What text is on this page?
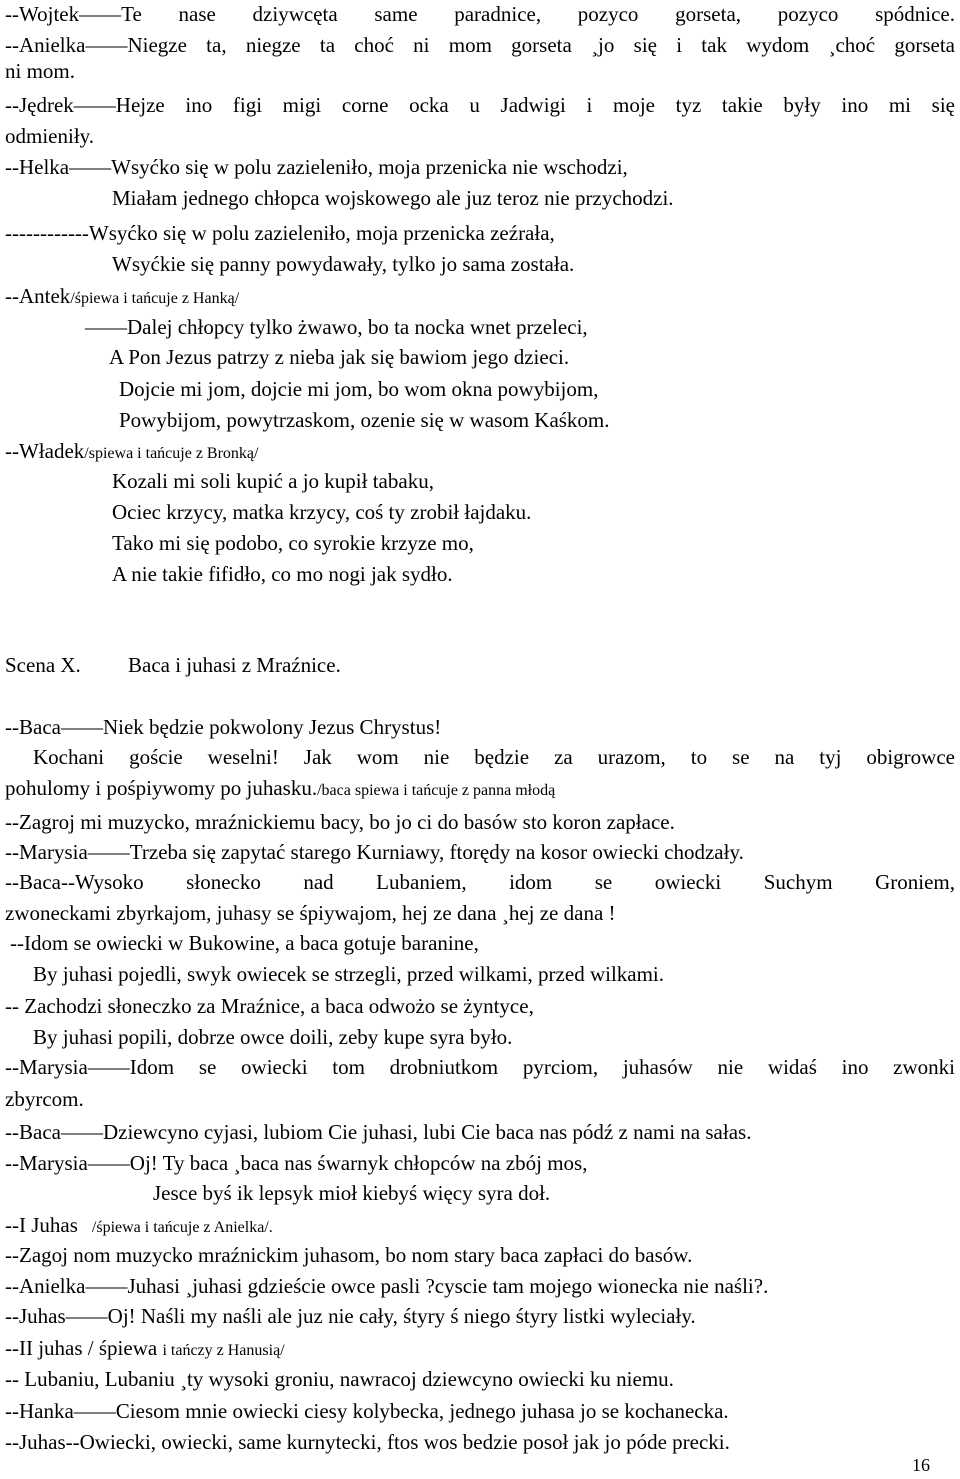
--Wojtek——Te nase dziywcęta same paradnice, pozyco gorseta, pozyco spódnice.
--Anielka——Niegze ta, niegze ta choć ni mom gorseta ¸jo się i tak wydom ¸choć gorseta
ni mom.
--Jędrek——Hejze ino figi migi corne ocka u Jadwigi i moje tyz takie były ino mi się
odmieniły.
--Helka——Wsyćko się w polu zazieleniło, moja przenicka nie wschodzi,
Miałam jednego chłopca wojskowego ale juz teroz nie przychodzi.
------------Wsyćko się w polu zazieleniło, moja przenicka zeźrała,
Wsyćkie się panny powydawały, tylko jo sama została.
--Antek/śpiewa i tańcuje z Hanką/
——Dalej chłopcy tylko żwawo, bo ta nocka wnet przeleci,
A Pon Jezus patrzy z nieba jak się bawiom jego dzieci.
Dojcie mi jom, dojcie mi jom, bo wom okna powybijom,
Powybijom, powytrzaskom, ozenie się w wasom Kaśkom.
--Władek/spiewa i tańcuje z Bronką/
Kozali mi soli kupić a jo kupił tabaku,
Ociec krzycy, matka krzycy, coś ty zrobił łajdaku.
Tako mi się podobo, co syrokie krzyze mo,
A nie takie fifidło, co mo nogi jak sydło.
Scena X. Baca i juhasi z Mraźnice.
--Baca——Niek będzie pokwolony Jezus Chrystus!
Kochani goście weselni! Jak wom nie będzie za urazom, to se na tyj obigrowce
pohulomy i pośpiywomy po juhasku./baca spiewa i tańcuje z panna młodą
--Zagroj mi muzycko, mraźnickiemu bacy, bo jo ci do basów sto koron zapłace.
--Marysia——Trzeba się zapytać starego Kurniawy, ftorędy na kosor owiecki chodzały.
--Baca--Wysoko słonecko nad Lubaniem, idom se owiecki Suchym Groniem,
zwoneckami zbyrkajom, juhasy se śpiywajom, hej ze dana ¸hej ze dana !
--Idom se owiecki w Bukowine, a baca gotuje baranine,
By juhasi pojedli, swyk owiecek se strzegli, przed wilkami, przed wilkami.
-- Zachodzi słoneczko za Mraźnice, a baca odwożo se żyntyce,
By juhasi popili, dobrze owce doili, zeby kupe syra było.
--Marysia——Idom se owiecki tom drobniutkom pyrciom, juhasów nie widaś ino zwonki
zbyrcom.
--Baca——Dziewcyno cyjasi, lubiom Cie juhasi, lubi Cie baca nas pódź z nami na sałas.
--Marysia——Oj! Ty baca ¸baca nas śwarnyk chłopców na zbój mos,
Jesce byś ik lepsyk mioł kiebyś więcy syra doł.
--I Juhas /śpiewa i tańcuje z Anielka/.
--Zagoj nom muzycko mraźnickim juhasom, bo nom stary baca zapłaci do basów.
--Anielka——Juhasi ¸juhasi gdzieście owce pasli ?cyscie tam mojego wionecka nie naśli?.
--Juhas——Oj! Naśli my naśli ale juz nie cały, śtyry ś niego śtyry listki wyleciały.
--II juhas / śpiewa i tańczy z Hanusią/
-- Lubaniu, Lubaniu ¸ty wysoki groniu, nawracoj dziewcyno owiecki ku niemu.
--Hanka——Ciesom mnie owiecki ciesy kolybecka, jednego juhasa jo se kochanecka.
--Juhas--Owiecki, owiecki, same kurnytecki, ftos wos bedzie posoł jak jo póde precki.
16
